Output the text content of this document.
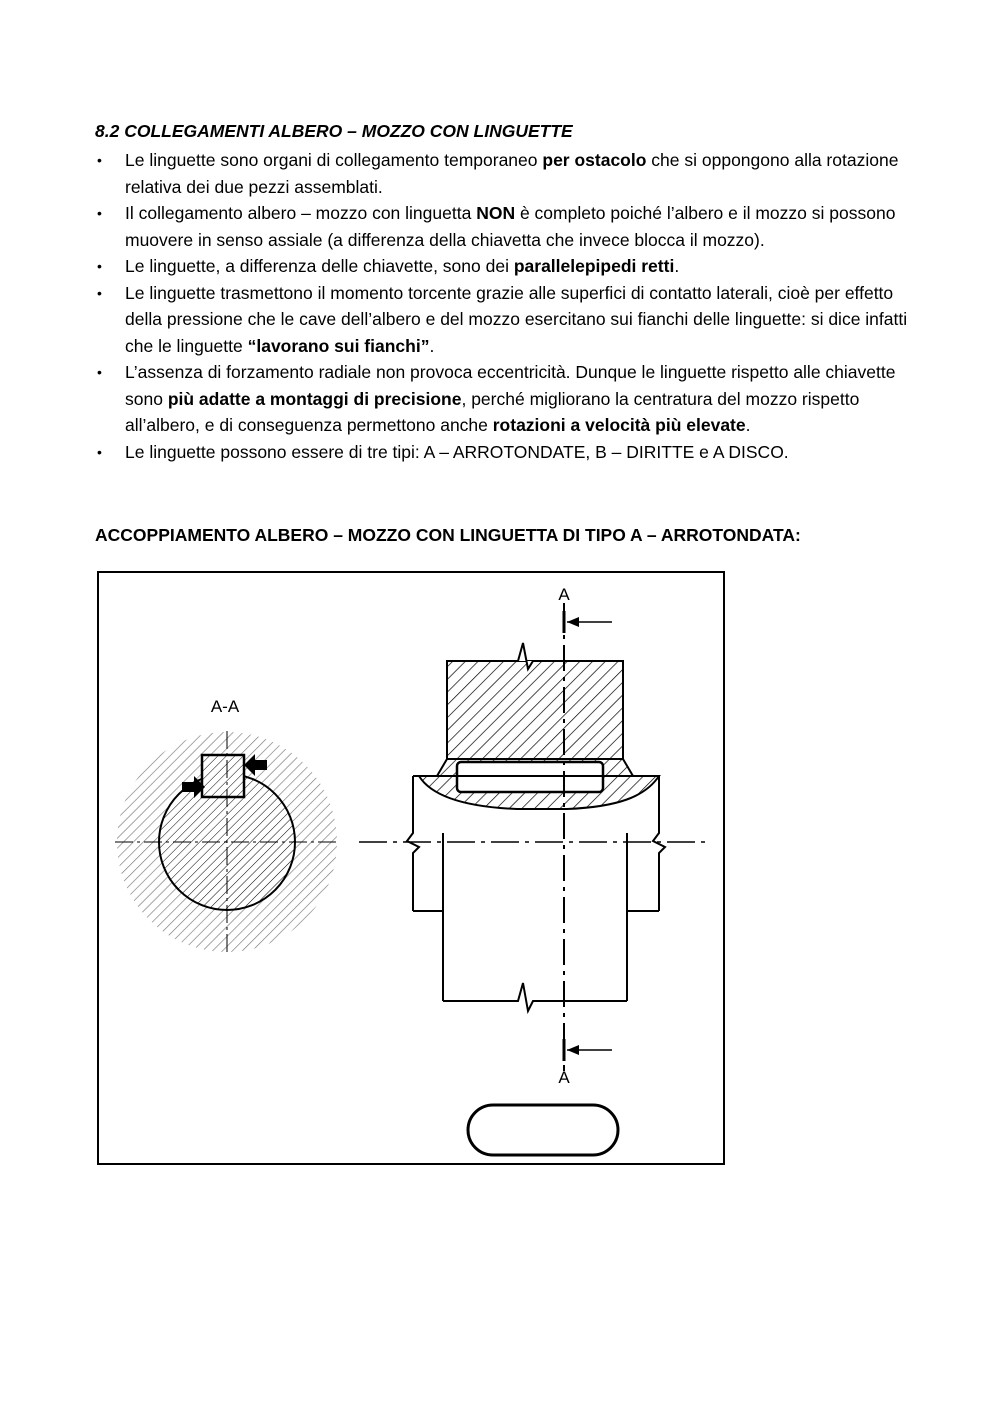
8.2 COLLEGAMENTI ALBERO – MOZZO CON LINGUETTE
• Le linguette sono organi di collegamento temporaneo per ostacolo che si oppongono alla rotazione relativa dei due pezzi assemblati.
• Il collegamento albero – mozzo con linguetta NON è completo poiché l’albero e il mozzo si possono muovere in senso assiale (a differenza della chiavetta che invece blocca il mozzo).
• Le linguette, a differenza delle chiavette, sono dei parallelepipedi retti.
• Le linguette trasmettono il momento torcente grazie alle superfici di contatto laterali, cioè per effetto della pressione che le cave dell’albero e del mozzo esercitano sui fianchi delle linguette: si dice infatti che le linguette “lavorano sui fianchi”.
• L’assenza di forzamento radiale non provoca eccentricità. Dunque le linguette rispetto alle chiavette sono più adatte a montaggi di precisione, perché migliorano la centratura del mozzo rispetto all’albero, e di conseguenza permettono anche rotazioni a velocità più elevate.
• Le linguette possono essere di tre tipi: A – ARROTONDATE, B – DIRITTE e A DISCO.
ACCOPPIAMENTO ALBERO – MOZZO CON LINGUETTA DI TIPO A – ARROTONDATA:
A-A
A
A
